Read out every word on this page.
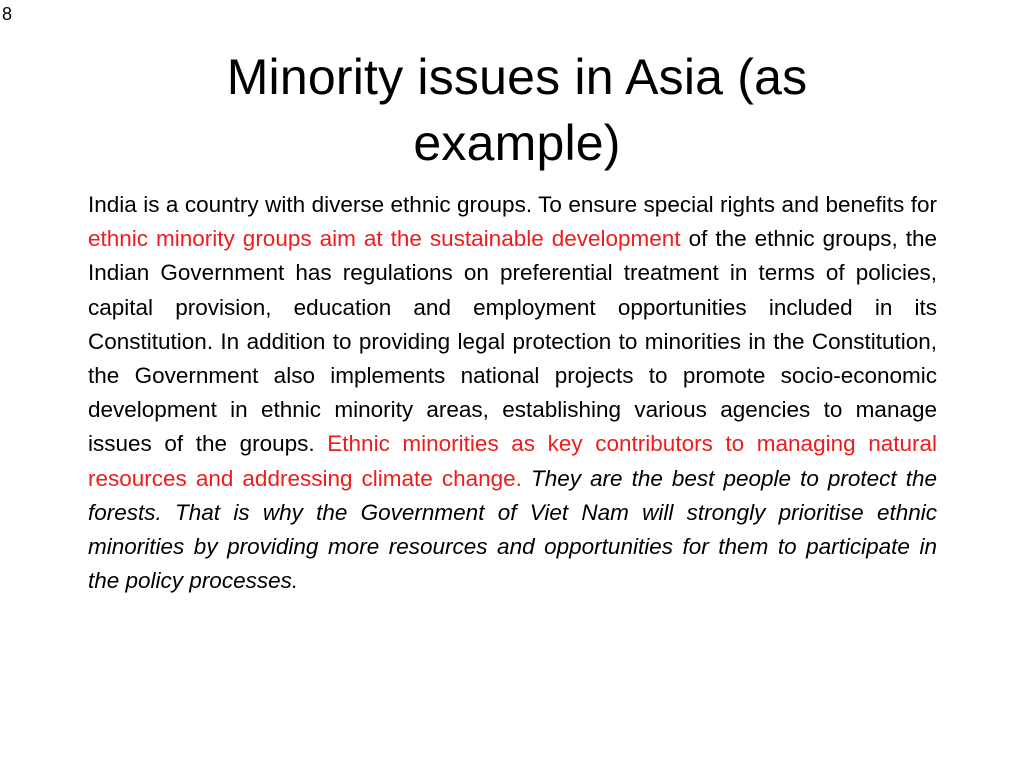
8
Minority issues in Asia (as example)

India is a country with diverse ethnic groups. To ensure special rights and benefits for ethnic minority groups aim at the sustainable development of the ethnic groups, the Indian Government has regulations on preferential treatment in terms of policies, capital provision, education and employment opportunities included in its Constitution. In addition to providing legal protection to minorities in the Constitution, the Government also implements national projects to promote socio-economic development in ethnic minority areas, establishing various agencies to manage issues of the groups. Ethnic minorities as key contributors to managing natural resources and addressing climate change. They are the best people to protect the forests. That is why the Government of Viet Nam will strongly prioritise ethnic minorities by providing more resources and opportunities for them to participate in the policy processes.
